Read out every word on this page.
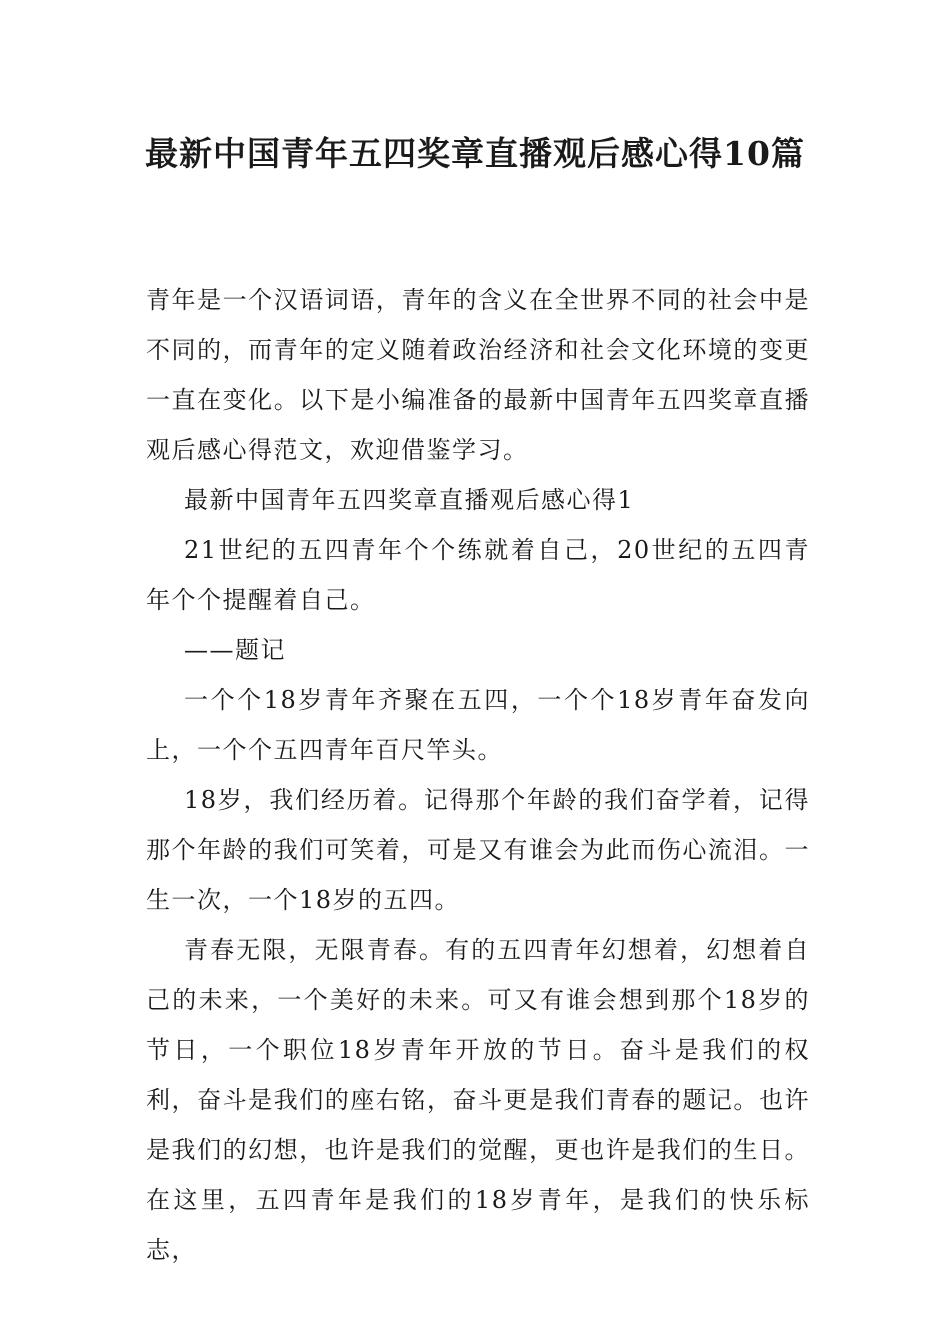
最新中国青年五四奖章直播观后感心得10篇

青年是一个汉语词语，青年的含义在全世界不同的社会中是不同的，而青年的定义随着政治经济和社会文化环境的变更一直在变化。以下是小编准备的最新中国青年五四奖章直播观后感心得范文，欢迎借鉴学习。

最新中国青年五四奖章直播观后感心得1

21世纪的五四青年个个练就着自己，20世纪的五四青年个个提醒着自己。

——题记

一个个18岁青年齐聚在五四，一个个18岁青年奋发向上，一个个五四青年百尺竿头。

18岁，我们经历着。记得那个年龄的我们奋学着，记得那个年龄的我们可笑着，可是又有谁会为此而伤心流泪。一生一次，一个18岁的五四。

青春无限，无限青春。有的五四青年幻想着，幻想着自己的未来，一个美好的未来。可又有谁会想到那个18岁的节日，一个职位18岁青年开放的节日。奋斗是我们的权利，奋斗是我们的座右铭，奋斗更是我们青春的题记。也许是我们的幻想，也许是我们的觉醒，更也许是我们的生日。在这里，五四青年是我们的18岁青年，是我们的快乐标志，
